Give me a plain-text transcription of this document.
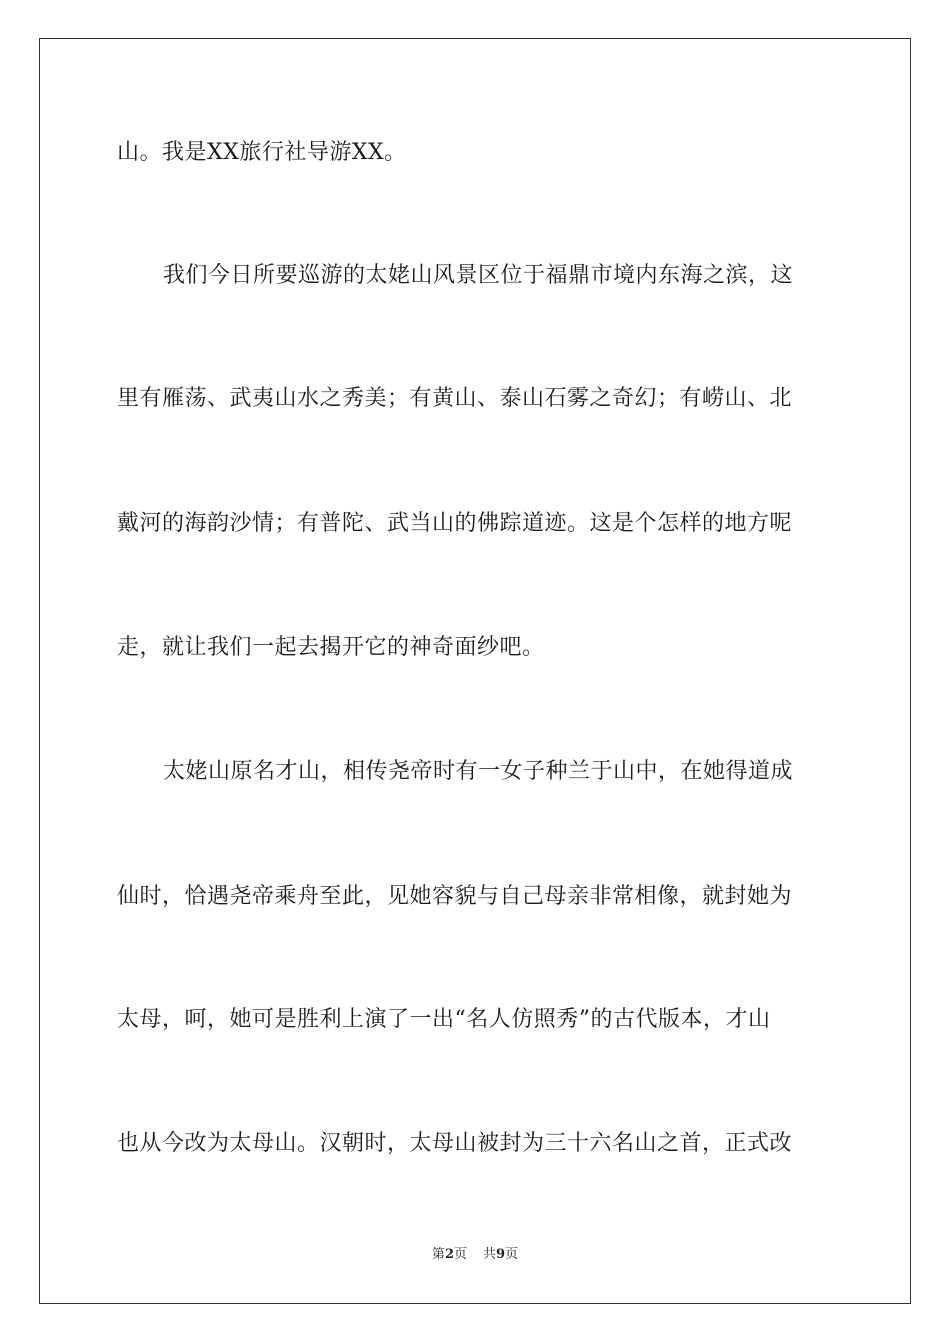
山。我是XX旅行社导游XX。
我们今日所要巡游的太姥山风景区位于福鼎市境内东海之滨，这
里有雁荡、武夷山水之秀美；有黄山、泰山石雾之奇幻；有崂山、北
戴河的海韵沙情；有普陀、武当山的佛踪道迹。这是个怎样的地方呢
走，就让我们一起去揭开它的神奇面纱吧。
太姥山原名才山，相传尧帝时有一女子种兰于山中，在她得道成
仙时，恰遇尧帝乘舟至此，见她容貌与自己母亲非常相像，就封她为
太母，呵，她可是胜利上演了一出“名人仿照秀”的古代版本，才山
也从今改为太母山。汉朝时，太母山被封为三十六名山之首，正式改
第2页 共9页
